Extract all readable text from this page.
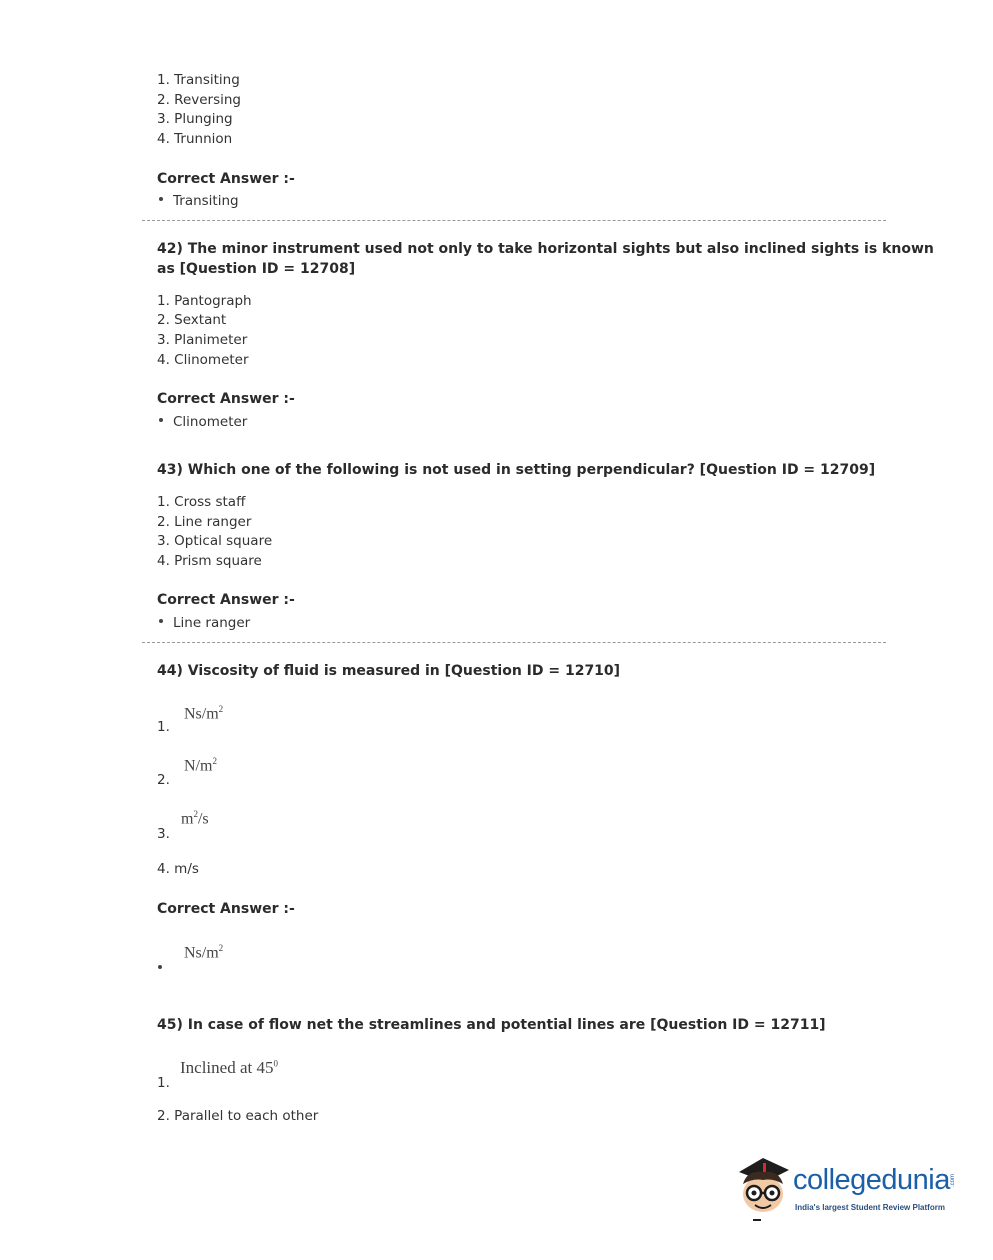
1. Transiting
2. Reversing
3. Plunging
4. Trunnion
Correct Answer :-
Transiting
42) The minor instrument used not only to take horizontal sights but also inclined sights is known
as [Question ID = 12708]
1. Pantograph
2. Sextant
3. Planimeter
4. Clinometer
Correct Answer :-
Clinometer
43) Which one of the following is not used in setting perpendicular? [Question ID = 12709]
1. Cross staff
2. Line ranger
3. Optical square
4. Prism square
Correct Answer :-
Line ranger
44) Viscosity of fluid is measured in [Question ID = 12710]
$Ns/m^2$
1.
$N/m^2$
2.
$m^2/s$
3.
4. m/s
Correct Answer :-
$Ns/m^2$
45) In case of flow net the streamlines and potential lines are [Question ID = 12711]
Inclined at $45^0$
1.
2. Parallel to each other
collegedunia .com
India's largest Student Review Platform
